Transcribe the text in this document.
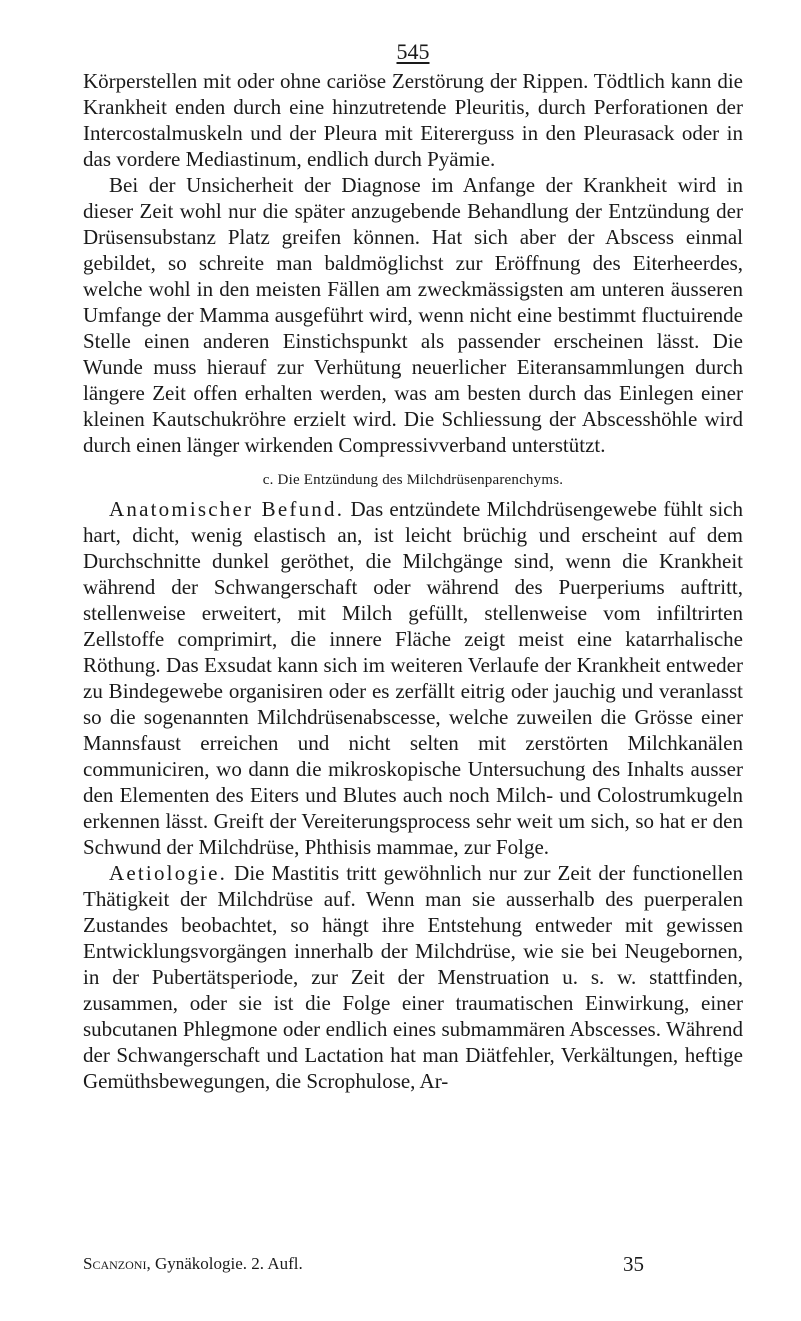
545

Körperstellen mit oder ohne cariöse Zerstörung der Rippen. Tödtlich kann die Krankheit enden durch eine hinzutretende Pleuritis, durch Perforationen der Intercostalmuskeln und der Pleura mit Eitererguss in den Pleurasack oder in das vordere Mediastinum, endlich durch Pyämie.

Bei der Unsicherheit der Diagnose im Anfange der Krankheit wird in dieser Zeit wohl nur die später anzugebende Behandlung der Entzündung der Drüsensubstanz Platz greifen können. Hat sich aber der Abscess einmal gebildet, so schreite man baldmöglichst zur Eröffnung des Eiterheerdes, welche wohl in den meisten Fällen am zweckmässigsten am unteren äusseren Umfange der Mamma ausgeführt wird, wenn nicht eine bestimmt fluctuirende Stelle einen anderen Einstichspunkt als passender erscheinen lässt. Die Wunde muss hierauf zur Verhütung neuerlicher Eiteransammlungen durch längere Zeit offen erhalten werden, was am besten durch das Einlegen einer kleinen Kautschukröhre erzielt wird. Die Schliessung der Abscesshöhle wird durch einen länger wirkenden Compressivverband unterstützt.

c. Die Entzündung des Milchdrüsenparenchyms.

Anatomischer Befund. Das entzündete Milchdrüsengewebe fühlt sich hart, dicht, wenig elastisch an, ist leicht brüchig und erscheint auf dem Durchschnitte dunkel geröthet, die Milchgänge sind, wenn die Krankheit während der Schwangerschaft oder während des Puerperiums auftritt, stellenweise erweitert, mit Milch gefüllt, stellenweise vom infiltrirten Zellstoffe comprimirt, die innere Fläche zeigt meist eine katarrhalische Röthung. Das Exsudat kann sich im weiteren Verlaufe der Krankheit entweder zu Bindegewebe organisiren oder es zerfällt eitrig oder jauchig und veranlasst so die sogenannten Milchdrüsenabscesse, welche zuweilen die Grösse einer Mannsfaust erreichen und nicht selten mit zerstörten Milchkanälen communiciren, wo dann die mikroskopische Untersuchung des Inhalts ausser den Elementen des Eiters und Blutes auch noch Milch- und Colostrumkugeln erkennen lässt. Greift der Vereiterungsprocess sehr weit um sich, so hat er den Schwund der Milchdrüse, Phthisis mammae, zur Folge.

Aetiologie. Die Mastitis tritt gewöhnlich nur zur Zeit der functionellen Thätigkeit der Milchdrüse auf. Wenn man sie ausserhalb des puerperalen Zustandes beobachtet, so hängt ihre Entstehung entweder mit gewissen Entwicklungsvorgängen innerhalb der Milchdrüse, wie sie bei Neugebornen, in der Pubertätsperiode, zur Zeit der Menstruation u. s. w. stattfinden, zusammen, oder sie ist die Folge einer traumatischen Einwirkung, einer subcutanen Phlegmone oder endlich eines submammären Abscesses. Während der Schwangerschaft und Lactation hat man Diätfehler, Verkältungen, heftige Gemüthsbewegungen, die Scrophulose, Ar-

Scanzoni, Gynäkologie. 2. Aufl.	35
